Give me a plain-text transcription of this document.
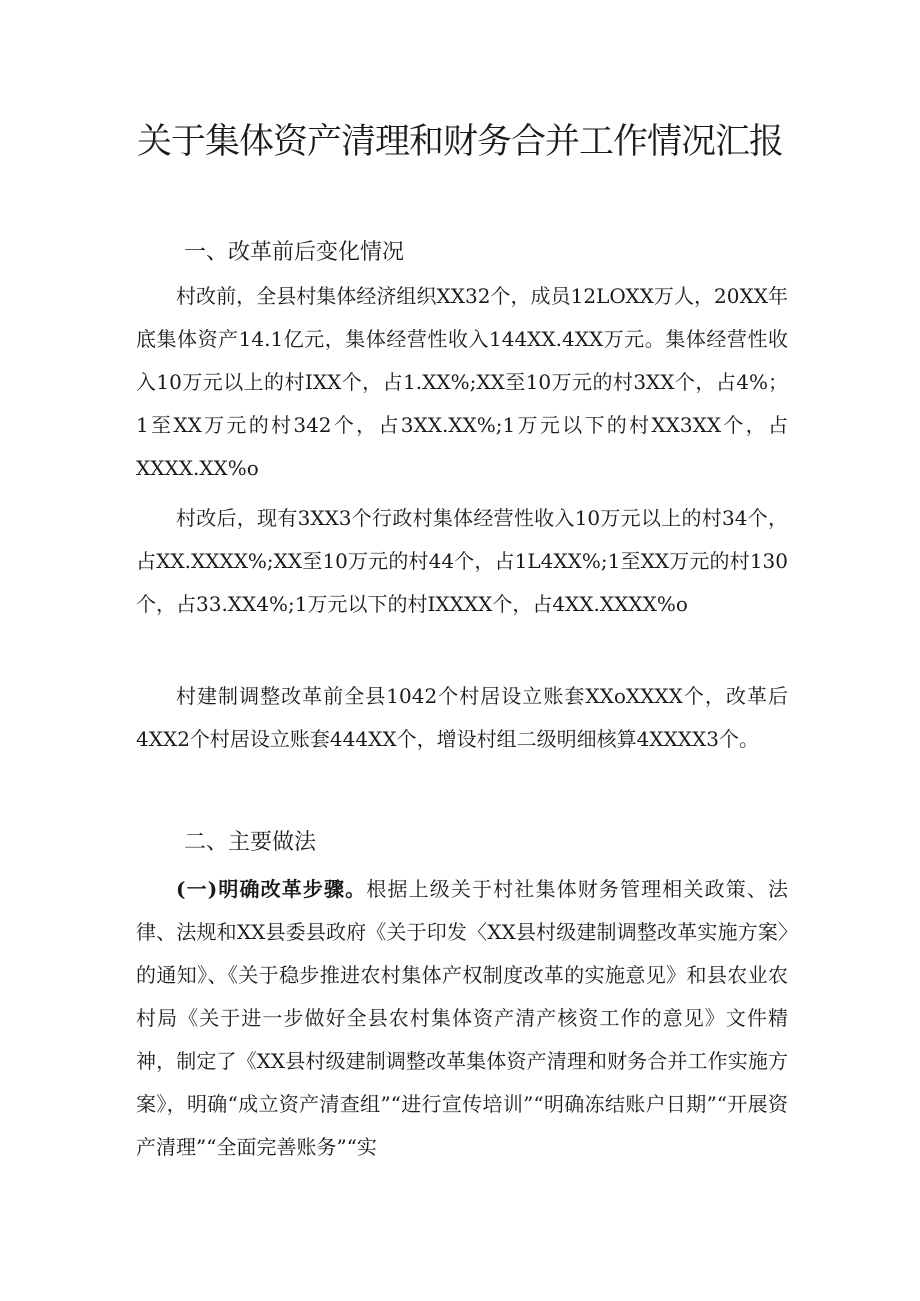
关于集体资产清理和财务合并工作情况汇报
一、改革前后变化情况

村改前，全县村集体经济组织XX32个，成员12LOXX万人，20XX年底集体资产14.1亿元，集体经营性收入144XX.4XX万元。集体经营性收入10万元以上的村IXX个，占1.XX%;XX至10万元的村3XX个，占4%；1至XX万元的村342个，占3XX.XX%;1万元以下的村XX3XX个，占XXXX.XX%o

村改后，现有3XX3个行政村集体经营性收入10万元以上的村34个，占XX.XXXX%;XX至10万元的村44个，占1L4XX%;1至XX万元的村130个，占33.XX4%;1万元以下的村IXXXX个，占4XX.XXXX%o

村建制调整改革前全县1042个村居设立账套XXoXXXX个，改革后4XX2个村居设立账套444XX个，增设村组二级明细核算4XXXX3个。

二、主要做法

(一)明确改革步骤。根据上级关于村社集体财务管理相关政策、法律、法规和XX县委县政府《关于印发〈XX县村级建制调整改革实施方案〉的通知》、《关于稳步推进农村集体产权制度改革的实施意见》和县农业农村局《关于进一步做好全县农村集体资产清产核资工作的意见》文件精神，制定了《XX县村级建制调整改革集体资产清理和财务合并工作实施方案》，明确“成立资产清查组”“进行宣传培训”“明确冻结账户日期”“开展资产清理”“全面完善账务”“实
